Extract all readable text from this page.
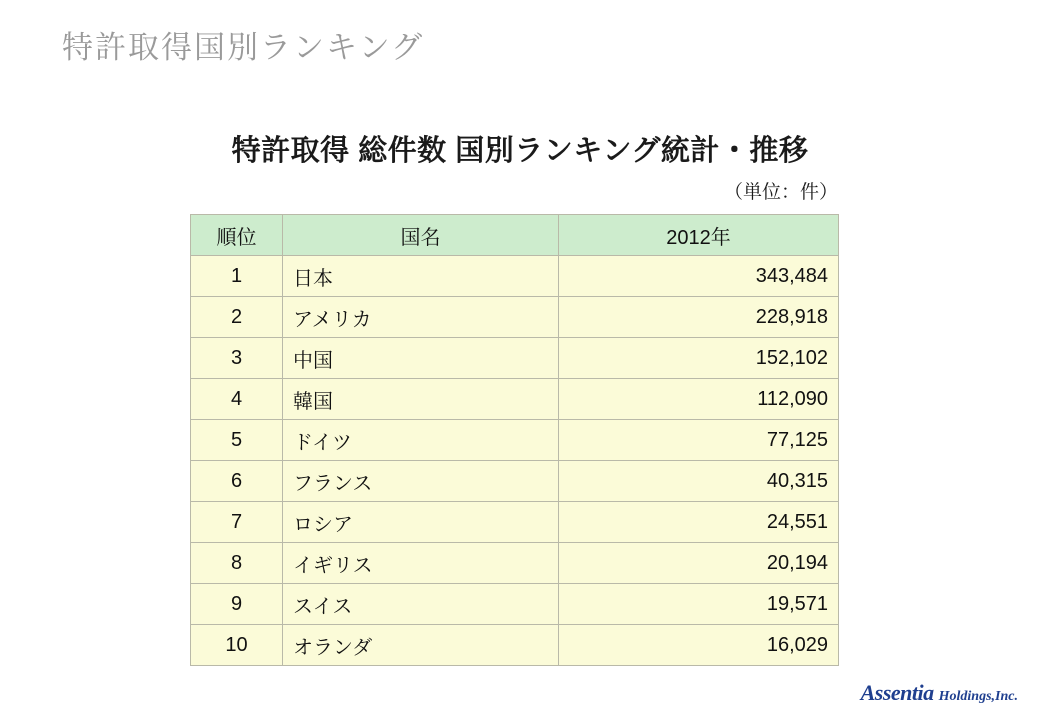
特許取得国別ランキング
特許取得 総件数 国別ランキング統計・推移
（単位：件）
順位	国名	2012年
1	日本	343,484
2	アメリカ	228,918
3	中国	152,102
4	韓国	112,090
5	ドイツ	77,125
6	フランス	40,315
7	ロシア	24,551
8	イギリス	20,194
9	スイス	19,571
10	オランダ	16,029
Assentia Holdings,Inc.
